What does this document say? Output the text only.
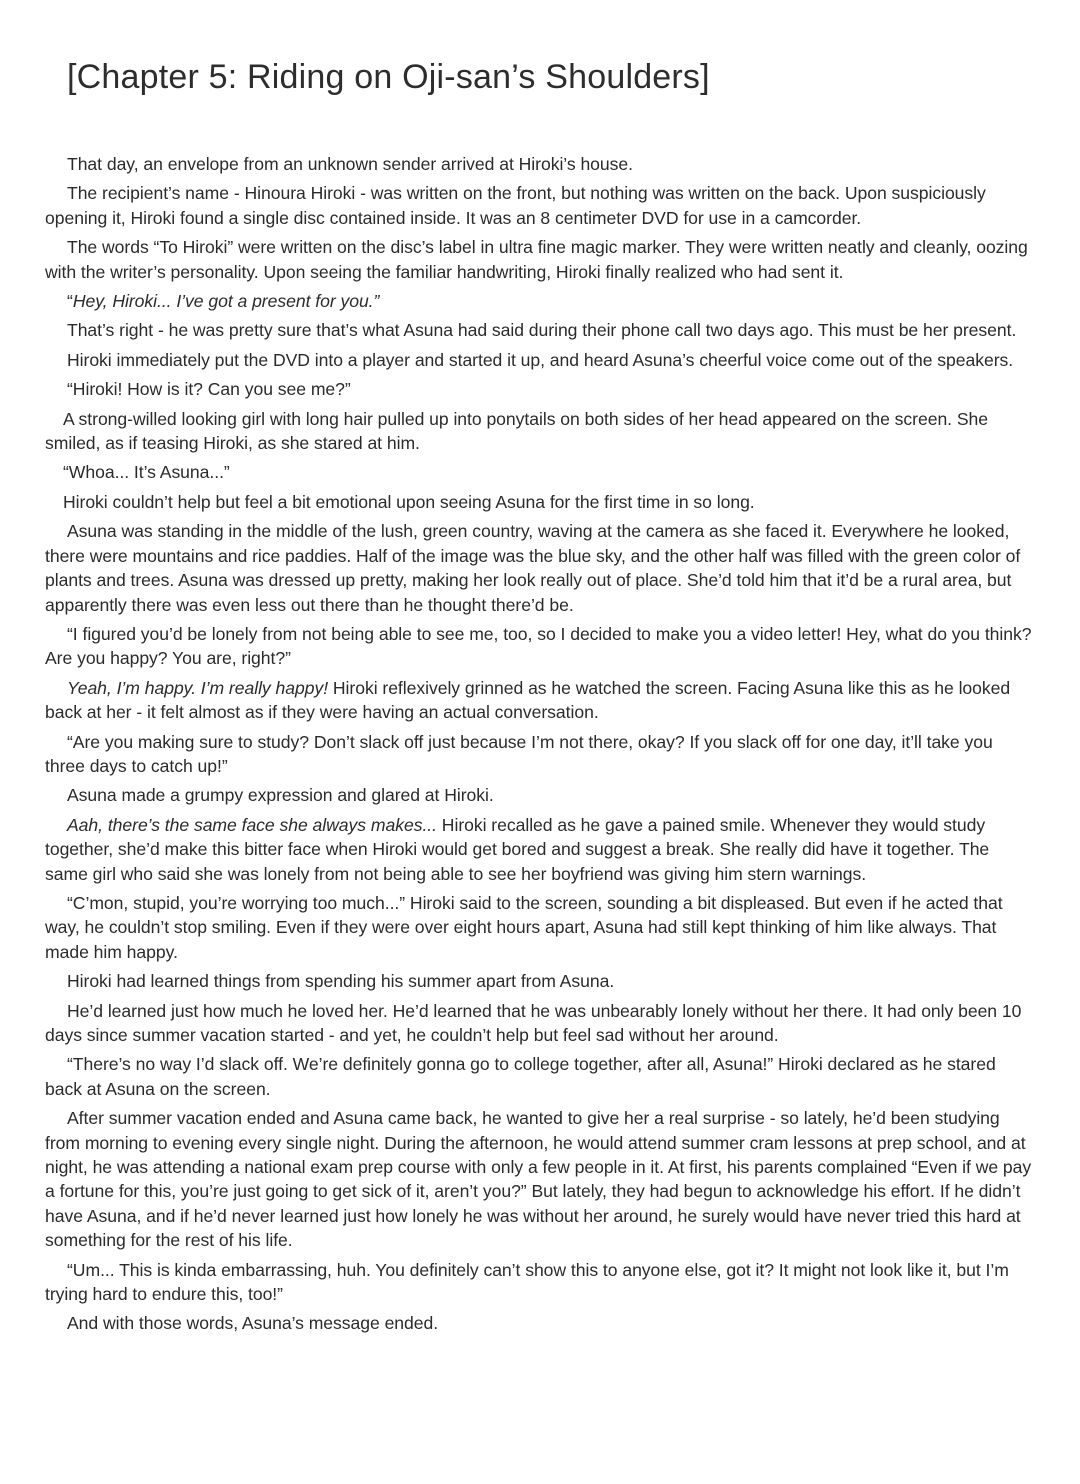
[Chapter 5: Riding on Oji-san’s Shoulders]

That day, an envelope from an unknown sender arrived at Hiroki’s house.

The recipient’s name - Hinoura Hiroki - was written on the front, but nothing was written on the back. Upon suspiciously opening it, Hiroki found a single disc contained inside. It was an 8 centimeter DVD for use in a camcorder.

The words “To Hiroki” were written on the disc’s label in ultra fine magic marker. They were written neatly and cleanly, oozing with the writer’s personality. Upon seeing the familiar handwriting, Hiroki finally realized who had sent it.

“Hey, Hiroki... I’ve got a present for you.”

That’s right - he was pretty sure that’s what Asuna had said during their phone call two days ago. This must be her present.

Hiroki immediately put the DVD into a player and started it up, and heard Asuna’s cheerful voice come out of the speakers.

“Hiroki! How is it? Can you see me?”

A strong-willed looking girl with long hair pulled up into ponytails on both sides of her head appeared on the screen. She smiled, as if teasing Hiroki, as she stared at him.

“Whoa... It’s Asuna...”

Hiroki couldn’t help but feel a bit emotional upon seeing Asuna for the first time in so long.

Asuna was standing in the middle of the lush, green country, waving at the camera as she faced it. Everywhere he looked, there were mountains and rice paddies. Half of the image was the blue sky, and the other half was filled with the green color of plants and trees. Asuna was dressed up pretty, making her look really out of place. She’d told him that it’d be a rural area, but apparently there was even less out there than he thought there’d be.

“I figured you’d be lonely from not being able to see me, too, so I decided to make you a video letter! Hey, what do you think? Are you happy? You are, right?”

Yeah, I’m happy. I’m really happy! Hiroki reflexively grinned as he watched the screen. Facing Asuna like this as he looked back at her - it felt almost as if they were having an actual conversation.

“Are you making sure to study? Don’t slack off just because I’m not there, okay? If you slack off for one day, it’ll take you three days to catch up!”

Asuna made a grumpy expression and glared at Hiroki.

Aah, there’s the same face she always makes... Hiroki recalled as he gave a pained smile. Whenever they would study together, she’d make this bitter face when Hiroki would get bored and suggest a break. She really did have it together. The same girl who said she was lonely from not being able to see her boyfriend was giving him stern warnings.

“C’mon, stupid, you’re worrying too much...” Hiroki said to the screen, sounding a bit displeased. But even if he acted that way, he couldn’t stop smiling. Even if they were over eight hours apart, Asuna had still kept thinking of him like always. That made him happy.

Hiroki had learned things from spending his summer apart from Asuna.

He’d learned just how much he loved her. He’d learned that he was unbearably lonely without her there. It had only been 10 days since summer vacation started - and yet, he couldn’t help but feel sad without her around.

“There’s no way I’d slack off. We’re definitely gonna go to college together, after all, Asuna!” Hiroki declared as he stared back at Asuna on the screen.

After summer vacation ended and Asuna came back, he wanted to give her a real surprise - so lately, he’d been studying from morning to evening every single night. During the afternoon, he would attend summer cram lessons at prep school, and at night, he was attending a national exam prep course with only a few people in it. At first, his parents complained “Even if we pay a fortune for this, you’re just going to get sick of it, aren’t you?” But lately, they had begun to acknowledge his effort. If he didn’t have Asuna, and if he’d never learned just how lonely he was without her around, he surely would have never tried this hard at something for the rest of his life.

“Um... This is kinda embarrassing, huh. You definitely can’t show this to anyone else, got it? It might not look like it, but I’m trying hard to endure this, too!”

And with those words, Asuna’s message ended.
